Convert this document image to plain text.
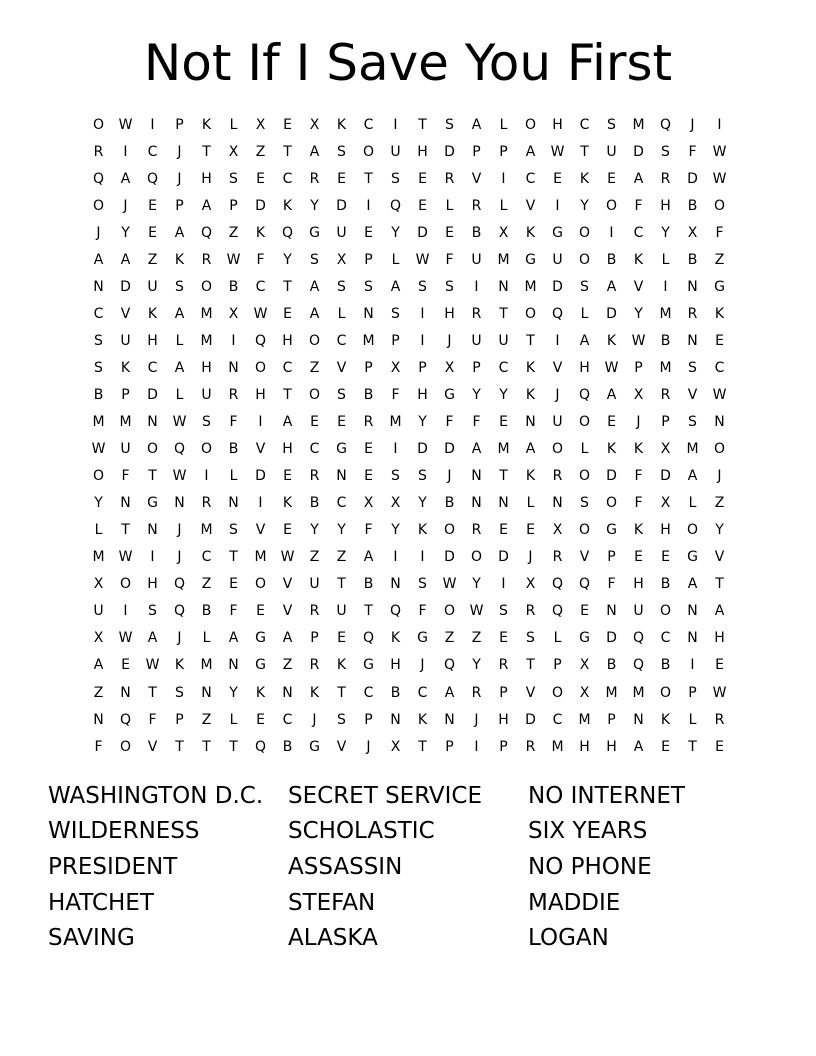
Not If I Save You First
O	W	I	P	K	L	X	E	X	K	C	I	T	S	A	L	O	H	C	S	M	Q	J	I
R	I	C	J	T	X	Z	T	A	S	O	U	H	D	P	P	A	W	T	U	D	S	F	W
Q	A	Q	J	H	S	E	C	R	E	T	S	E	R	V	I	C	E	K	E	A	R	D	W
O	J	E	P	A	P	D	K	Y	D	I	Q	E	L	R	L	V	I	Y	O	F	H	B	O
J	Y	E	A	Q	Z	K	Q	G	U	E	Y	D	E	B	X	K	G	O	I	C	Y	X	F
A	A	Z	K	R	W	F	Y	S	X	P	L	W	F	U	M	G	U	O	B	K	L	B	Z
N	D	U	S	O	B	C	T	A	S	S	A	S	S	I	N	M	D	S	A	V	I	N	G
C	V	K	A	M	X	W	E	A	L	N	S	I	H	R	T	O	Q	L	D	Y	M	R	K
S	U	H	L	M	I	Q	H	O	C	M	P	I	J	U	U	T	I	A	K	W	B	N	E
S	K	C	A	H	N	O	C	Z	V	P	X	P	X	P	C	K	V	H	W	P	M	S	C
B	P	D	L	U	R	H	T	O	S	B	F	H	G	Y	Y	K	J	Q	A	X	R	V	W
M	M	N	W	S	F	I	A	E	E	R	M	Y	F	F	E	N	U	O	E	J	P	S	N
W	U	O	Q	O	B	V	H	C	G	E	I	D	D	A	M	A	O	L	K	K	X	M	O
O	F	T	W	I	L	D	E	R	N	E	S	S	J	N	T	K	R	O	D	F	D	A	J
Y	N	G	N	R	N	I	K	B	C	X	X	Y	B	N	N	L	N	S	O	F	X	L	Z
L	T	N	J	M	S	V	E	Y	Y	F	Y	K	O	R	E	E	X	O	G	K	H	O	Y
M	W	I	J	C	T	M	W	Z	Z	A	I	I	D	O	D	J	R	V	P	E	E	G	V
X	O	H	Q	Z	E	O	V	U	T	B	N	S	W	Y	I	X	Q	Q	F	H	B	A	T
U	I	S	Q	B	F	E	V	R	U	T	Q	F	O	W	S	R	Q	E	N	U	O	N	A
X	W	A	J	L	A	G	A	P	E	Q	K	G	Z	Z	E	S	L	G	D	Q	C	N	H
A	E	W	K	M	N	G	Z	R	K	G	H	J	Q	Y	R	T	P	X	B	Q	B	I	E
Z	N	T	S	N	Y	K	N	K	T	C	B	C	A	R	P	V	O	X	M	M	O	P	W
N	Q	F	P	Z	L	E	C	J	S	P	N	K	N	J	H	D	C	M	P	N	K	L	R
F	O	V	T	T	T	Q	B	G	V	J	X	T	P	I	P	R	M	H	H	A	E	T	E
WASHINGTON D.C.	SECRET SERVICE	NO INTERNET
WILDERNESS	SCHOLASTIC	SIX YEARS
PRESIDENT	ASSASSIN	NO PHONE
HATCHET	STEFAN	MADDIE
SAVING	ALASKA	LOGAN
